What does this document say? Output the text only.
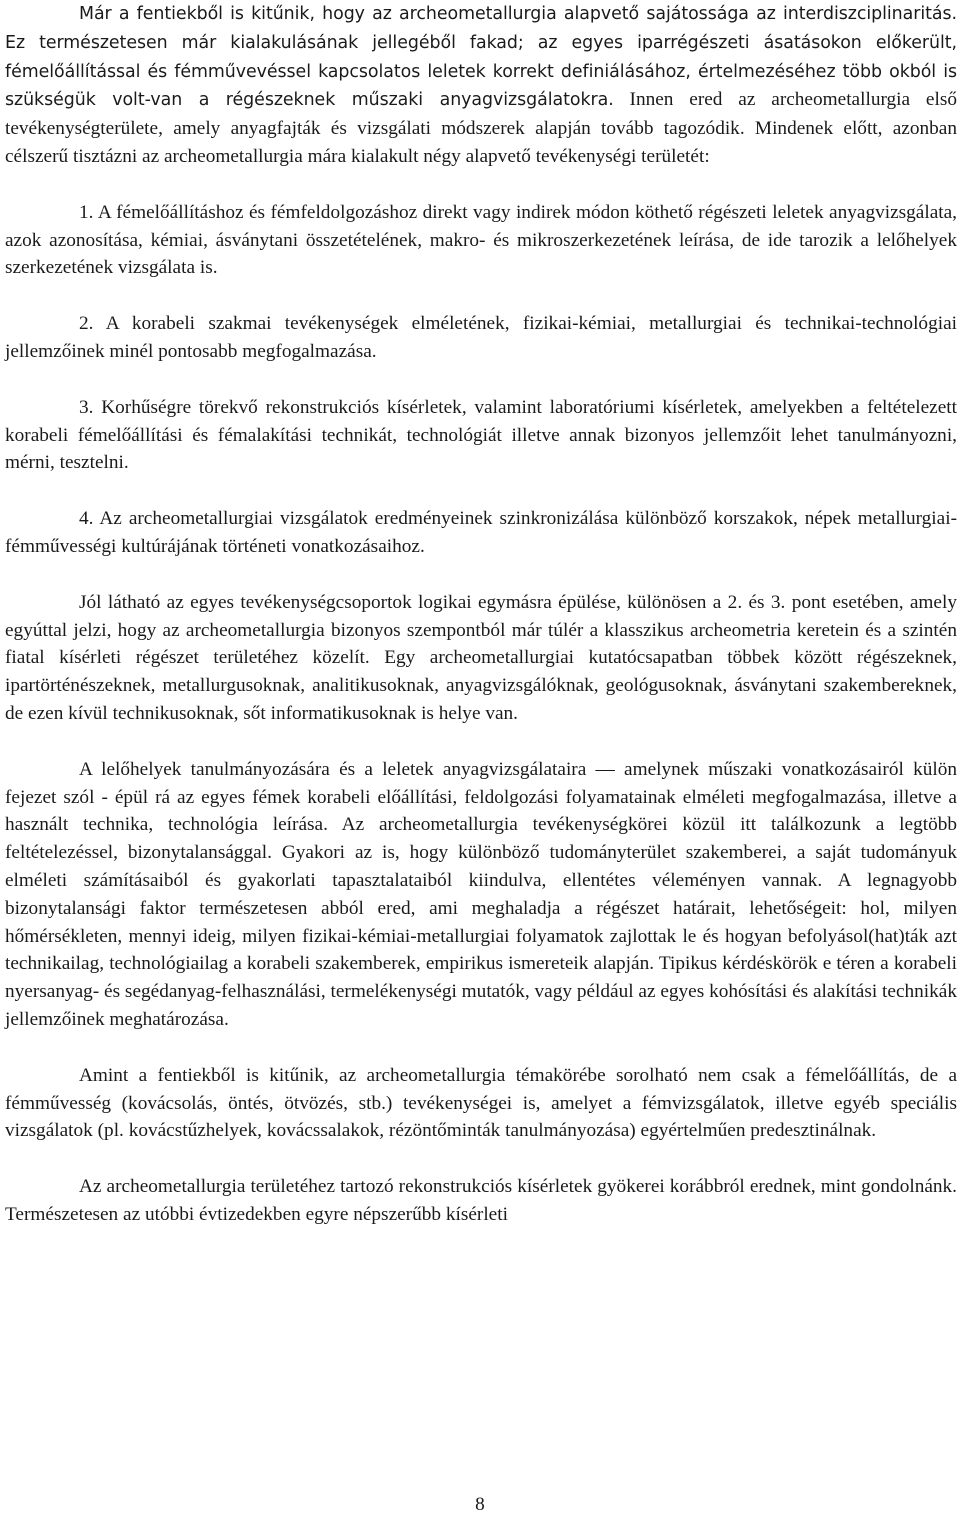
Már a fentiekből is kitűnik, hogy az archeometallurgia alapvető sajátossága az interdiszciplinaritás. Ez természetesen már kialakulásának jellegéből fakad; az egyes iparrégészeti ásatásokon előkerült, fémelőállítással és fémművevéssel kapcsolatos leletek korrekt definiálásához, értelmezéséhez több okból is szükségük volt-van a régészeknek műszaki anyagvizsgálatokra. Innen ered az archeometallurgia első tevékenységterülete, amely anyagfajták és vizsgálati módszerek alapján tovább tagozódik. Mindenek előtt, azonban célszerű tisztázni az archeometallurgia mára kialakult négy alapvető tevékenységi területét:

1. A fémelőállításhoz és fémfeldolgozáshoz direkt vagy indirek módon köthető régészeti leletek anyagvizsgálata, azok azonosítása, kémiai, ásványtani összetételének, makro- és mikroszerkezetének leírása, de ide tarozik a lelőhelyek szerkezetének vizsgálata is.

2. A korabeli szakmai tevékenységek elméletének, fizikai-kémiai, metallurgiai és technikai-technológiai jellemzőinek minél pontosabb megfogalmazása.

3. Korhűségre törekvő rekonstrukciós kísérletek, valamint laboratóriumi kísérletek, amelyekben a feltételezett korabeli fémelőállítási és fémalakítási technikát, technológiát illetve annak bizonyos jellemzőit lehet tanulmányozni, mérni, tesztelni.

4. Az archeometallurgiai vizsgálatok eredményeinek szinkronizálása különböző korszakok, népek metallurgiai-fémművességi kultúrájának történeti vonatkozásaihoz.

Jól látható az egyes tevékenységcsoportok logikai egymásra épülése, különösen a 2. és 3. pont esetében, amely egyúttal jelzi, hogy az archeometallurgia bizonyos szempontból már túlér a klasszikus archeometria keretein és a szintén fiatal kísérleti régészet területéhez közelít. Egy archeometallurgiai kutatócsapatban többek között régészeknek, ipartörténészeknek, metallurgusoknak, analitikusoknak, anyagvizsgálóknak, geológusoknak, ásványtani szakembereknek, de ezen kívül technikusoknak, sőt informatikusoknak is helye van.

A lelőhelyek tanulmányozására és a leletek anyagvizsgálataira — amelynek műszaki vonatkozásairól külön fejezet szól - épül rá az egyes fémek korabeli előállítási, feldolgozási folyamatainak elméleti megfogalmazása, illetve a használt technika, technológia leírása. Az archeometallurgia tevékenységkörei közül itt találkozunk a legtöbb feltételezéssel, bizonytalansággal. Gyakori az is, hogy különböző tudományterület szakemberei, a saját tudományuk elméleti számításaiból és gyakorlati tapasztalataiból kiindulva, ellentétes véleményen vannak. A legnagyobb bizonytalansági faktor természetesen abból ered, ami meghaladja a régészet határait, lehetőségeit: hol, milyen hőmérsékleten, mennyi ideig, milyen fizikai-kémiai-metallurgiai folyamatok zajlottak le és hogyan befolyásol(hat)ták azt technikailag, technológiailag a korabeli szakemberek, empirikus ismereteik alapján. Tipikus kérdéskörök e téren a korabeli nyersanyag- és segédanyag-felhasználási, termelékenységi mutatók, vagy például az egyes kohósítási és alakítási technikák jellemzőinek meghatározása.

Amint a fentiekből is kitűnik, az archeometallurgia témakörébe sorolható nem csak a fémelőállítás, de a fémművesség (kovácsolás, öntés, ötvözés, stb.) tevékenységei is, amelyet a fémvizsgálatok, illetve egyéb speciális vizsgálatok (pl. kovácstűzhelyek, kovácssalakok, rézöntőminták tanulmányozása) egyértelműen predesztinálnak.

Az archeometallurgia területéhez tartozó rekonstrukciós kísérletek gyökerei korábbról erednek, mint gondolnánk. Természetesen az utóbbi évtizedekben egyre népszerűbb kísérleti

8
